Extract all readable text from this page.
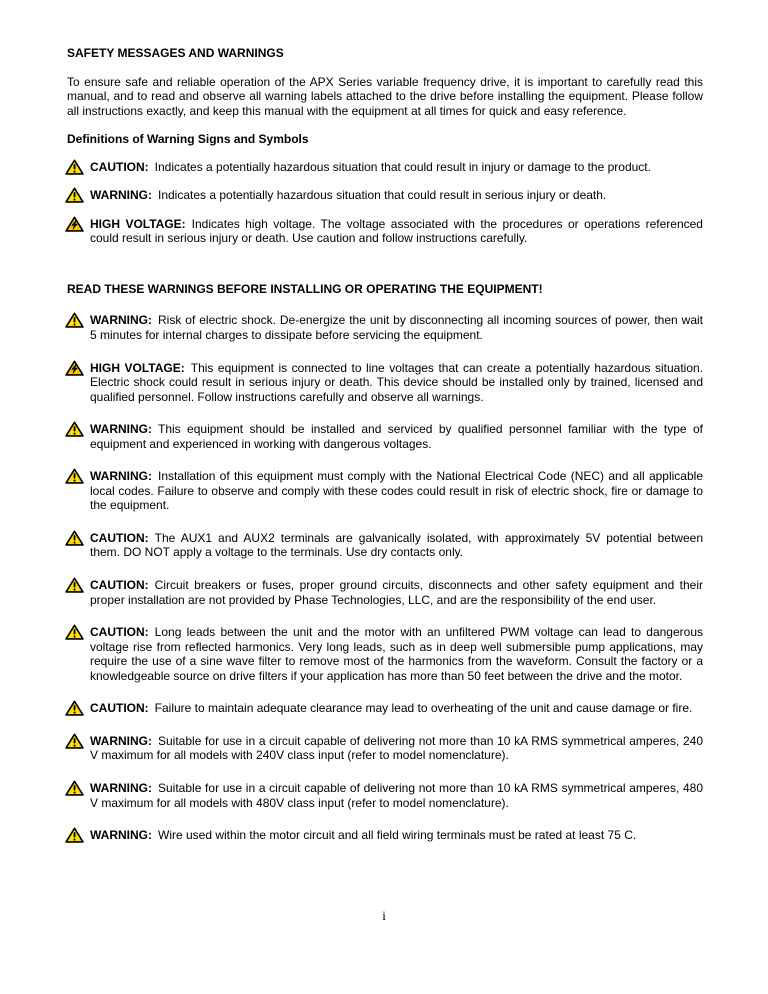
SAFETY MESSAGES AND WARNINGS
To ensure safe and reliable operation of the APX Series variable frequency drive, it is important to carefully read this manual, and to read and observe all warning labels attached to the drive before installing the equipment. Please follow all instructions exactly, and keep this manual with the equipment at all times for quick and easy reference.
Definitions of Warning Signs and Symbols
CAUTION: Indicates a potentially hazardous situation that could result in injury or damage to the product.
WARNING: Indicates a potentially hazardous situation that could result in serious injury or death.
HIGH VOLTAGE: Indicates high voltage. The voltage associated with the procedures or operations referenced could result in serious injury or death. Use caution and follow instructions carefully.
READ THESE WARNINGS BEFORE INSTALLING OR OPERATING THE EQUIPMENT!
WARNING: Risk of electric shock. De-energize the unit by disconnecting all incoming sources of power, then wait 5 minutes for internal charges to dissipate before servicing the equipment.
HIGH VOLTAGE: This equipment is connected to line voltages that can create a potentially hazardous situation. Electric shock could result in serious injury or death. This device should be installed only by trained, licensed and qualified personnel. Follow instructions carefully and observe all warnings.
WARNING: This equipment should be installed and serviced by qualified personnel familiar with the type of equipment and experienced in working with dangerous voltages.
WARNING: Installation of this equipment must comply with the National Electrical Code (NEC) and all applicable local codes. Failure to observe and comply with these codes could result in risk of electric shock, fire or damage to the equipment.
CAUTION: The AUX1 and AUX2 terminals are galvanically isolated, with approximately 5V potential between them. DO NOT apply a voltage to the terminals. Use dry contacts only.
CAUTION: Circuit breakers or fuses, proper ground circuits, disconnects and other safety equipment and their proper installation are not provided by Phase Technologies, LLC, and are the responsibility of the end user.
CAUTION: Long leads between the unit and the motor with an unfiltered PWM voltage can lead to dangerous voltage rise from reflected harmonics. Very long leads, such as in deep well submersible pump applications, may require the use of a sine wave filter to remove most of the harmonics from the waveform. Consult the factory or a knowledgeable source on drive filters if your application has more than 50 feet between the drive and the motor.
CAUTION: Failure to maintain adequate clearance may lead to overheating of the unit and cause damage or fire.
WARNING: Suitable for use in a circuit capable of delivering not more than 10 kA RMS symmetrical amperes, 240 V maximum for all models with 240V class input (refer to model nomenclature).
WARNING: Suitable for use in a circuit capable of delivering not more than 10 kA RMS symmetrical amperes, 480 V maximum for all models with 480V class input (refer to model nomenclature).
WARNING: Wire used within the motor circuit and all field wiring terminals must be rated at least 75 C.
i
